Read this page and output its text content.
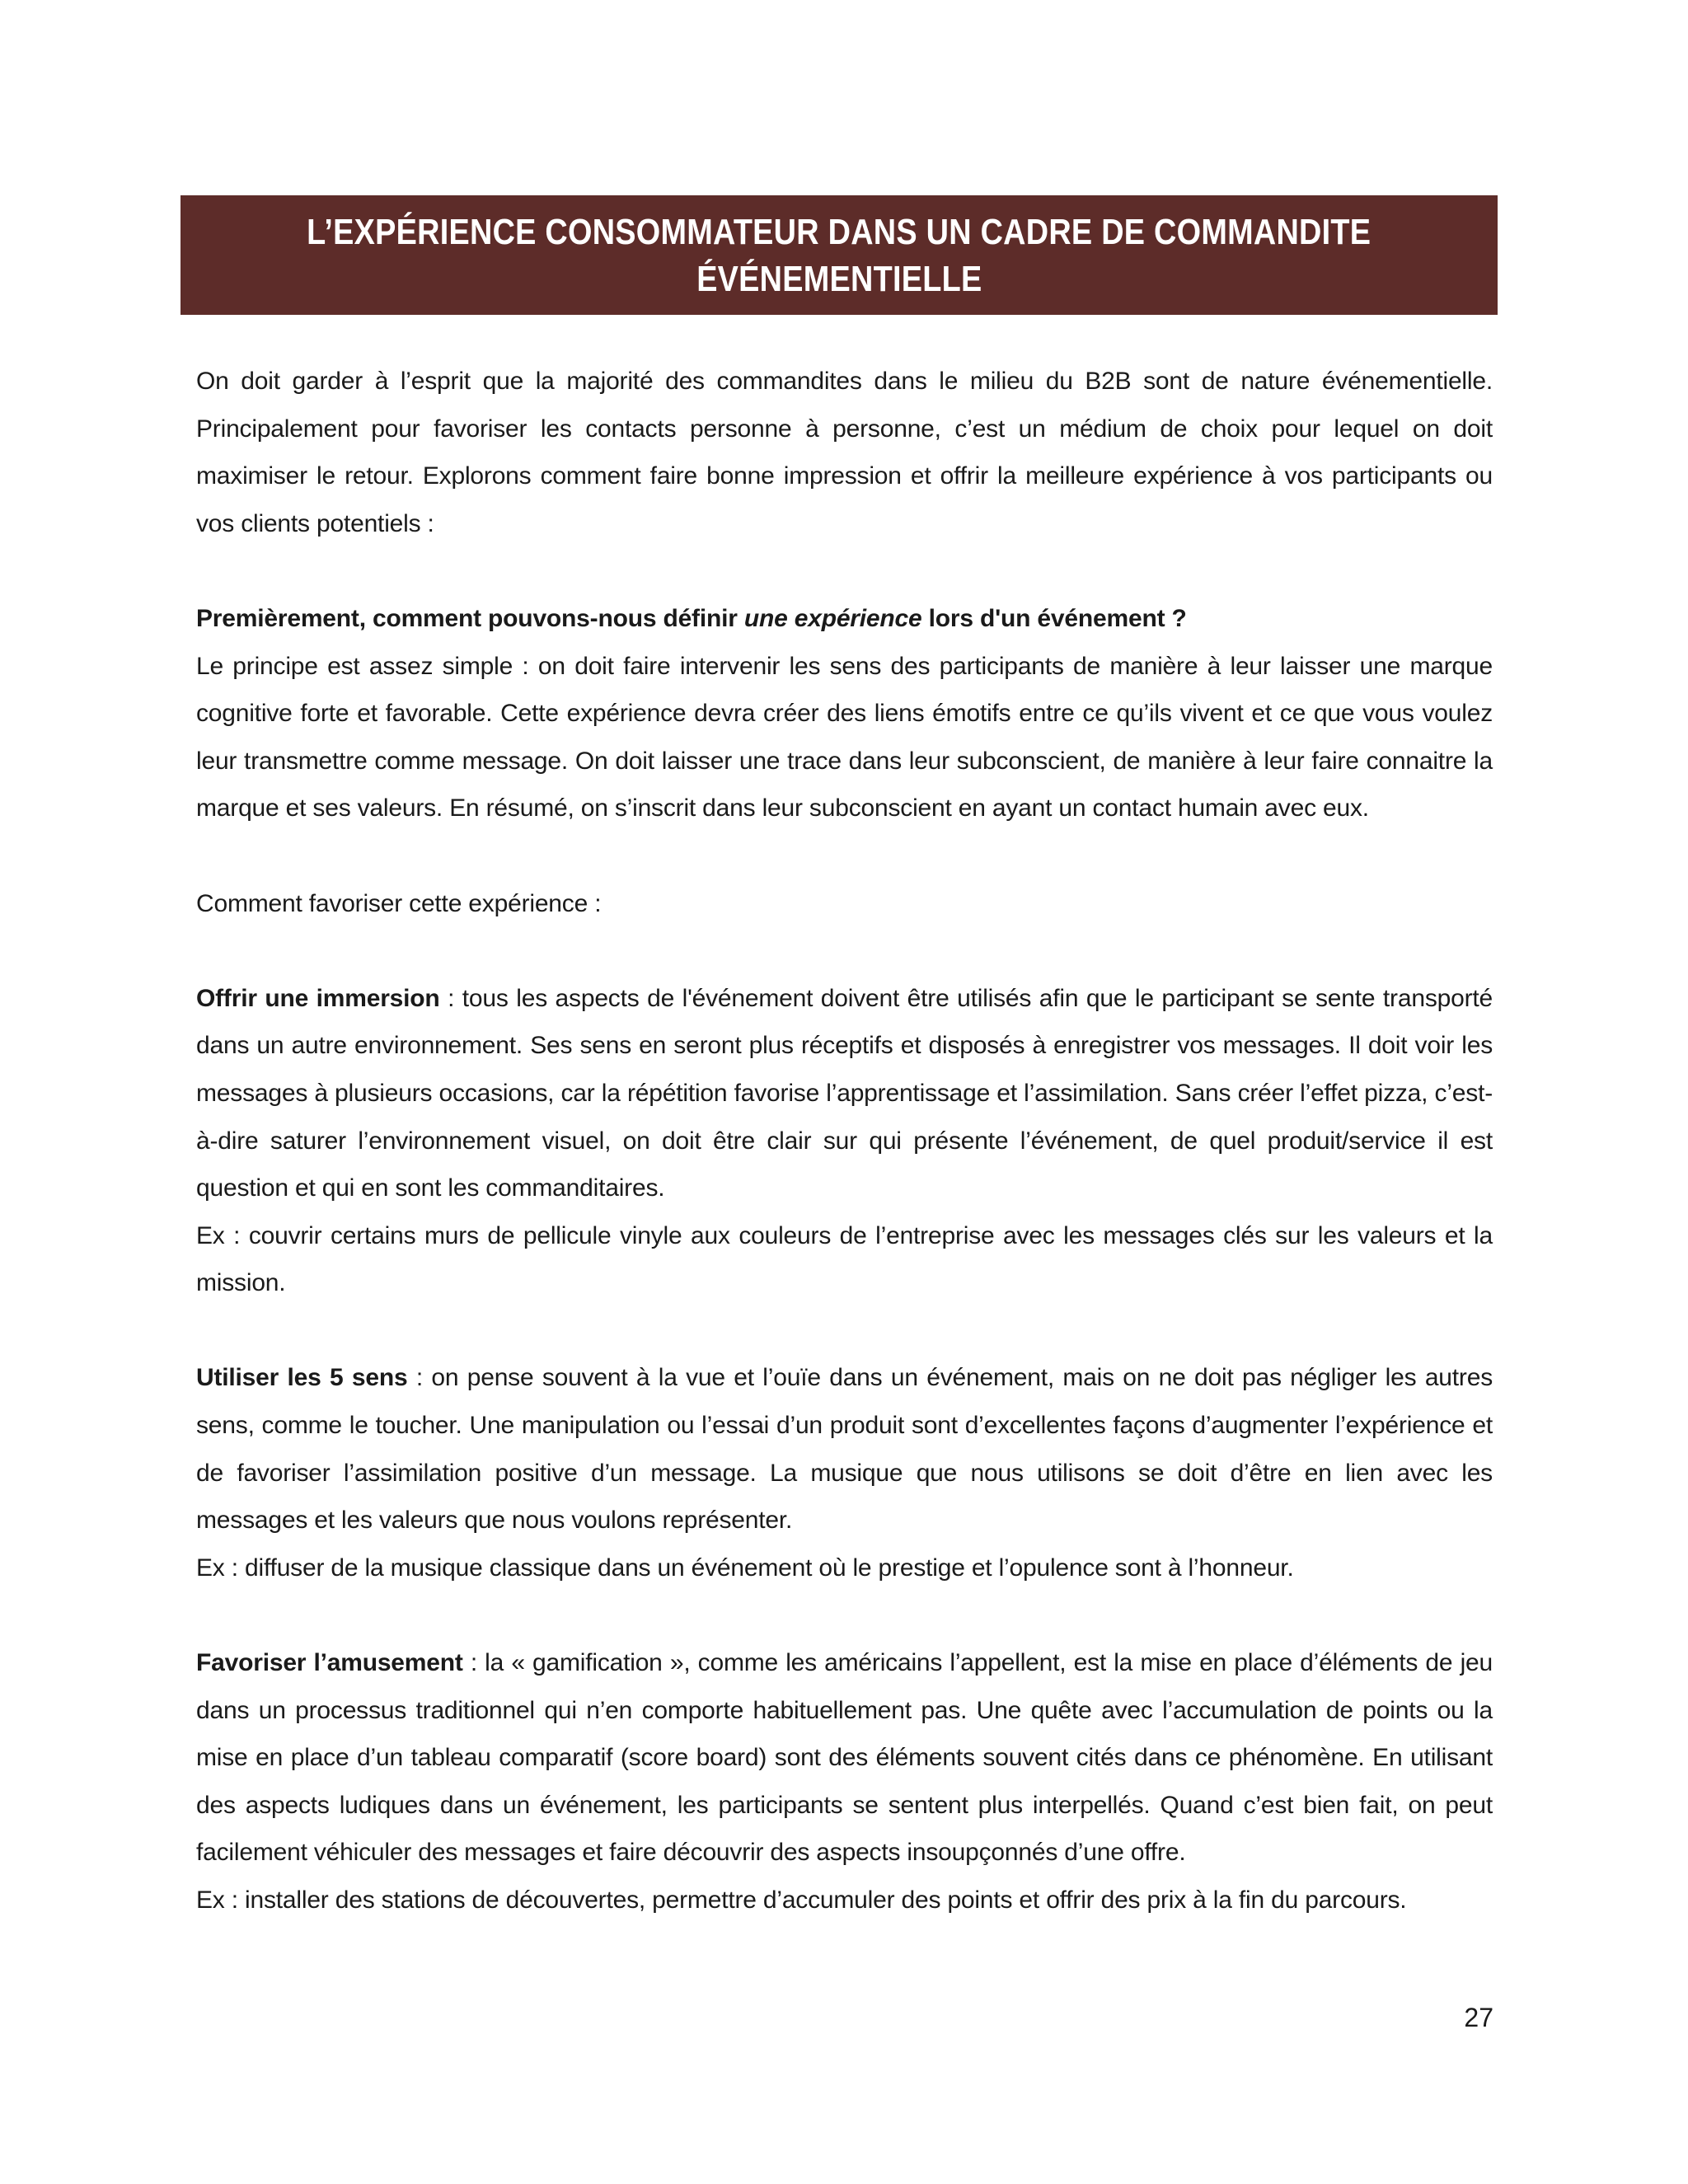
L’EXPÉRIENCE CONSOMMATEUR DANS UN CADRE DE COMMANDITE
ÉVÉNEMENTIELLE

On doit garder à l’esprit que la majorité des commandites dans le milieu du B2B sont de nature événementielle. Principalement pour favoriser les contacts personne à personne, c’est un médium de choix pour lequel on doit maximiser le retour. Explorons comment faire bonne impression et offrir la meilleure expérience à vos participants ou vos clients potentiels :

Premièrement, comment pouvons-nous définir une expérience lors d'un événement ?

Le principe est assez simple : on doit faire intervenir les sens des participants de manière à leur laisser une marque cognitive forte et favorable. Cette expérience devra créer des liens émotifs entre ce qu’ils vivent et ce que vous voulez leur transmettre comme message. On doit laisser une trace dans leur subconscient, de manière à leur faire connaitre la marque et ses valeurs. En résumé, on s’inscrit dans leur subconscient en ayant un contact humain avec eux.

Comment favoriser cette expérience :

Offrir une immersion : tous les aspects de l'événement doivent être utilisés afin que le participant se sente transporté dans un autre environnement. Ses sens en seront plus réceptifs et disposés à enregistrer vos messages. Il doit voir les messages à plusieurs occasions, car la répétition favorise l’apprentissage et l’assimilation. Sans créer l’effet pizza, c’est-à-dire saturer l’environnement visuel, on doit être clair sur qui présente l’événement, de quel produit/service il est question et qui en sont les commanditaires.

Ex : couvrir certains murs de pellicule vinyle aux couleurs de l’entreprise avec les messages clés sur les valeurs et la mission.

Utiliser les 5 sens : on pense souvent à la vue et l’ouïe dans un événement, mais on ne doit pas négliger les autres sens, comme le toucher. Une manipulation ou l’essai d’un produit sont d’excellentes façons d’augmenter l’expérience et de favoriser l’assimilation positive d’un message. La musique que nous utilisons se doit d’être en lien avec les messages et les valeurs que nous voulons représenter.

Ex : diffuser de la musique classique dans un événement où le prestige et l’opulence sont à l’honneur.

Favoriser l’amusement : la « gamification », comme les américains l’appellent, est la mise en place d’éléments de jeu dans un processus traditionnel qui n’en comporte habituellement pas. Une quête avec l’accumulation de points ou la mise en place d’un tableau comparatif (score board) sont des éléments souvent cités dans ce phénomène. En utilisant des aspects ludiques dans un événement, les participants se sentent plus interpellés. Quand c’est bien fait, on peut facilement véhiculer des messages et faire découvrir des aspects insoupçonnés d’une offre.

Ex : installer des stations de découvertes, permettre d’accumuler des points et offrir des prix à la fin du parcours.

27
